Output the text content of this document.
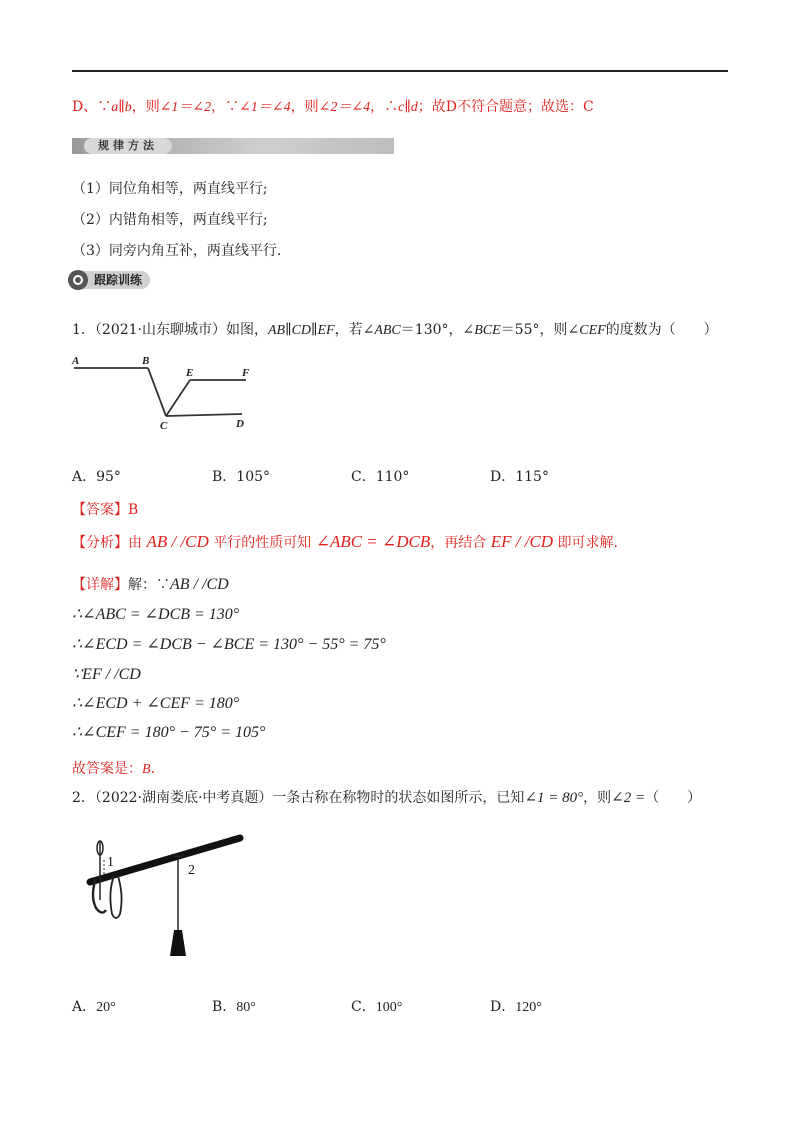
D、∵a∥b，则∠1＝∠2，∵∠1＝∠4，则∠2＝∠4，∴c∥d；故D不符合题意；故选：C
规律方法
（1）同位角相等，两直线平行;
（2）内错角相等，两直线平行;
（3）同旁内角互补，两直线平行.
跟踪训练
1．（2021·山东聊城市）如图，AB∥CD∥EF，若∠ABC＝130°，∠BCE＝55°，则∠CEF的度数为（　　）
A	B
E	F
C	D
A．95°	B．105°	C．110°	D．115°
【答案】B
【分析】由 AB / /CD 平行的性质可知 ∠ABC = ∠DCB，再结合 EF / /CD 即可求解.
【详解】解：∵AB / /CD
∴∠ABC = ∠DCB = 130°
∴∠ECD = ∠DCB − ∠BCE = 130° − 55° = 75°
∵EF / /CD
∴∠ECD + ∠CEF = 180°
∴∠CEF = 180° − 75° = 105°
故答案是：B.
2．（2022·湖南娄底·中考真题）一条古称在称物时的状态如图所示，已知∠1 = 80°，则∠2 =（　　）
1
2
A．20°	B．80°	C．100°	D．120°
